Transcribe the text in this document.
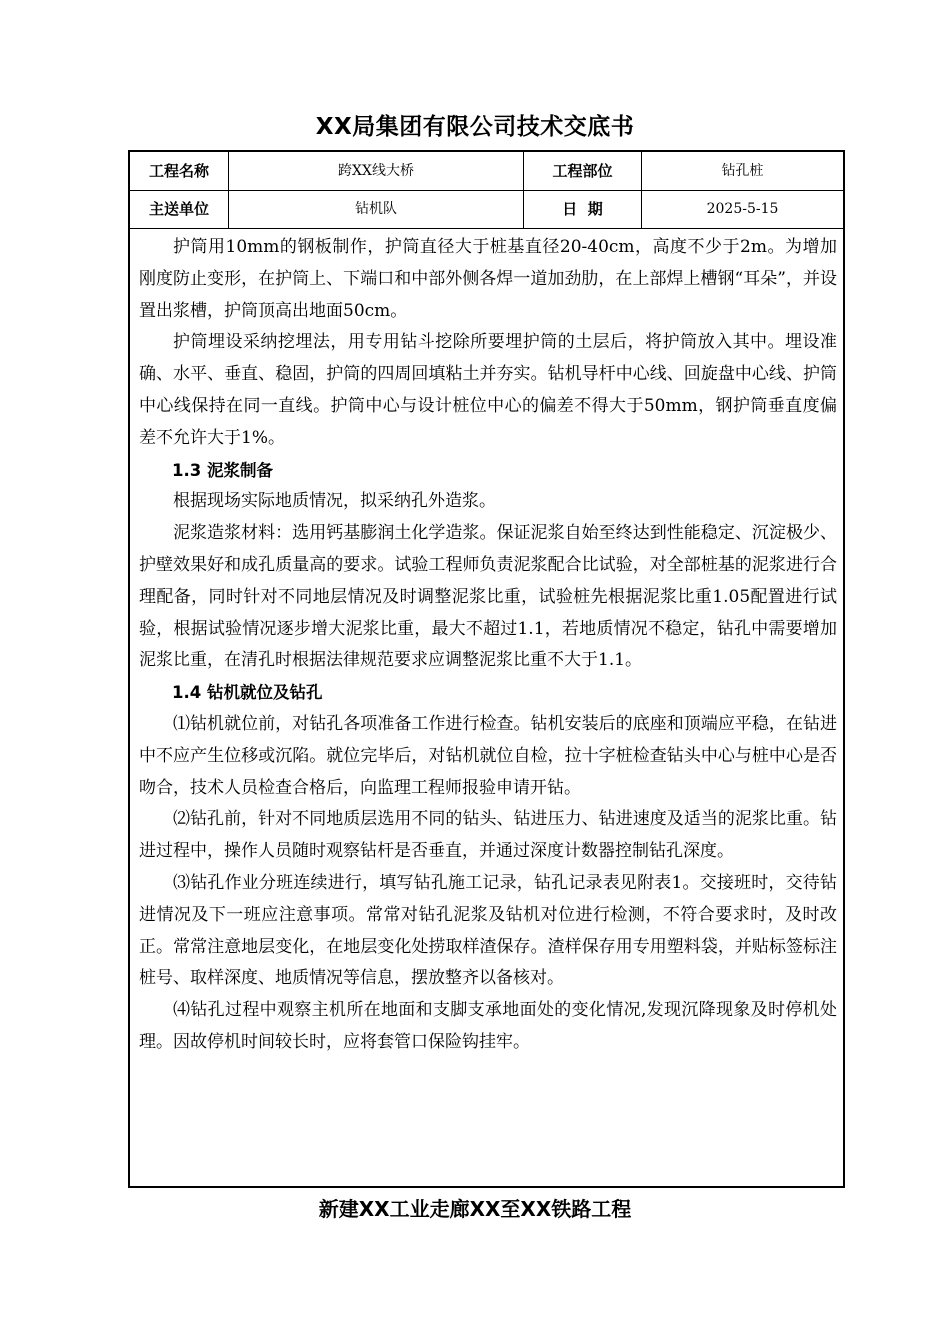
XX局集团有限公司技术交底书
工程名称	跨XX线大桥	工程部位	钻孔桩
主送单位	钻机队	日  期	2025-5-15

护筒用10mm的钢板制作，护筒直径大于桩基直径20-40cm，高度不少于2m。为增加刚度防止变形，在护筒上、下端口和中部外侧各焊一道加劲肋，在上部焊上槽钢“耳朵”，并设置出浆槽，护筒顶高出地面50cm。

护筒埋设采纳挖埋法，用专用钻斗挖除所要埋护筒的土层后，将护筒放入其中。埋设准确、水平、垂直、稳固，护筒的四周回填粘土并夯实。钻机导杆中心线、回旋盘中心线、护筒中心线保持在同一直线。护筒中心与设计桩位中心的偏差不得大于50mm，钢护筒垂直度偏差不允许大于1%。

1.3 泥浆制备

根据现场实际地质情况，拟采纳孔外造浆。

泥浆造浆材料：选用钙基膨润土化学造浆。保证泥浆自始至终达到性能稳定、沉淀极少、护壁效果好和成孔质量高的要求。试验工程师负责泥浆配合比试验，对全部桩基的泥浆进行合理配备，同时针对不同地层情况及时调整泥浆比重，试验桩先根据泥浆比重1.05配置进行试验，根据试验情况逐步增大泥浆比重，最大不超过1.1，若地质情况不稳定，钻孔中需要增加泥浆比重，在清孔时根据法律规范要求应调整泥浆比重不大于1.1。

1.4 钻机就位及钻孔

⑴钻机就位前，对钻孔各项准备工作进行检查。钻机安装后的底座和顶端应平稳，在钻进中不应产生位移或沉陷。就位完毕后，对钻机就位自检，拉十字桩检查钻头中心与桩中心是否吻合，技术人员检查合格后，向监理工程师报验申请开钻。

⑵钻孔前，针对不同地质层选用不同的钻头、钻进压力、钻进速度及适当的泥浆比重。钻进过程中，操作人员随时观察钻杆是否垂直，并通过深度计数器控制钻孔深度。

⑶钻孔作业分班连续进行，填写钻孔施工记录，钻孔记录表见附表1。交接班时，交待钻进情况及下一班应注意事项。常常对钻孔泥浆及钻机对位进行检测，不符合要求时，及时改正。常常注意地层变化，在地层变化处捞取样渣保存。渣样保存用专用塑料袋，并贴标签标注桩号、取样深度、地质情况等信息，摆放整齐以备核对。

⑷钻孔过程中观察主机所在地面和支脚支承地面处的变化情况,发现沉降现象及时停机处理。因故停机时间较长时，应将套管口保险钩挂牢。

新建XX工业走廊XX至XX铁路工程
